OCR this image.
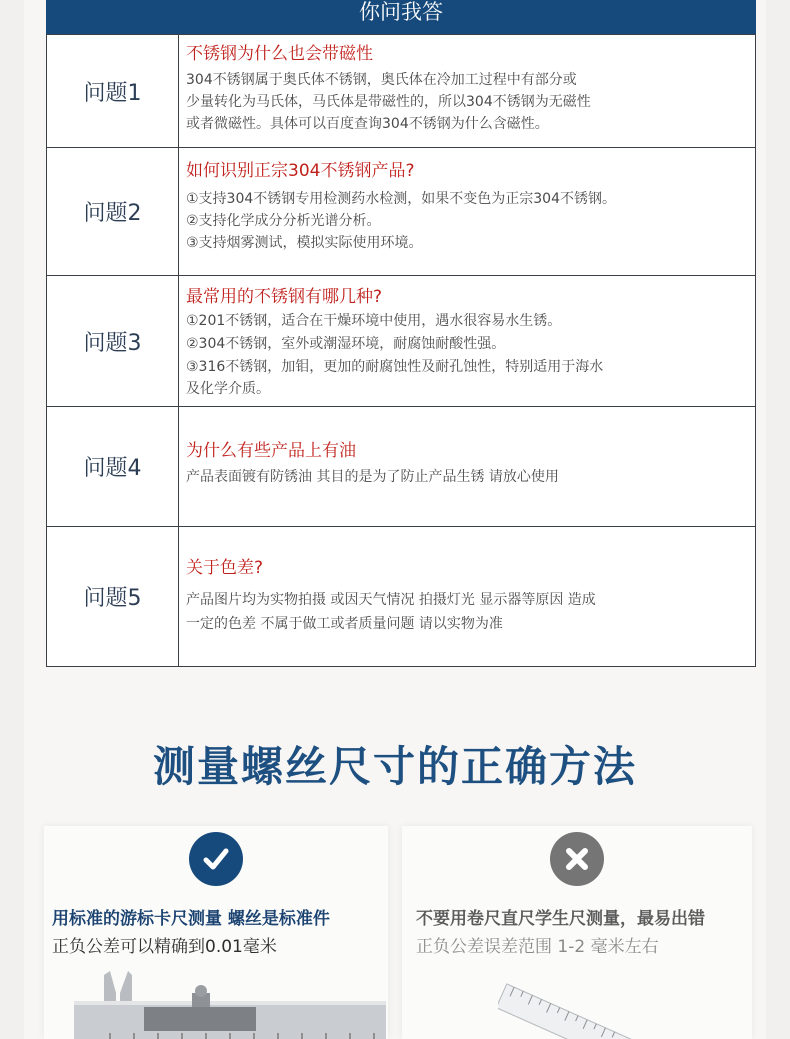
你问我答
问题1
不锈钢为什么也会带磁性
304不锈钢属于奥氏体不锈钢，奥氏体在冷加工过程中有部分或
少量转化为马氏体，马氏体是带磁性的，所以304不锈钢为无磁性
或者微磁性。具体可以百度查询304不锈钢为什么含磁性。
问题2
如何识别正宗304不锈钢产品?
①支持304不锈钢专用检测药水检测，如果不变色为正宗304不锈钢。
②支持化学成分分析光谱分析。
③支持烟雾测试，模拟实际使用环境。
问题3
最常用的不锈钢有哪几种?
①201不锈钢，适合在干燥环境中使用，遇水很容易水生锈。
②304不锈钢，室外或潮湿环境，耐腐蚀耐酸性强。
③316不锈钢，加钼，更加的耐腐蚀性及耐孔蚀性，特别适用于海水
及化学介质。
问题4
为什么有些产品上有油
产品表面镀有防锈油 其目的是为了防止产品生锈 请放心使用
问题5
关于色差?
产品图片均为实物拍摄 或因天气情况 拍摄灯光 显示器等原因 造成
一定的色差 不属于做工或者质量问题 请以实物为准
测量螺丝尺寸的正确方法
用标准的游标卡尺测量 螺丝是标准件
正负公差可以精确到0.01毫米
不要用卷尺直尺学生尺测量，最易出错
正负公差误差范围 1-2 毫米左右
